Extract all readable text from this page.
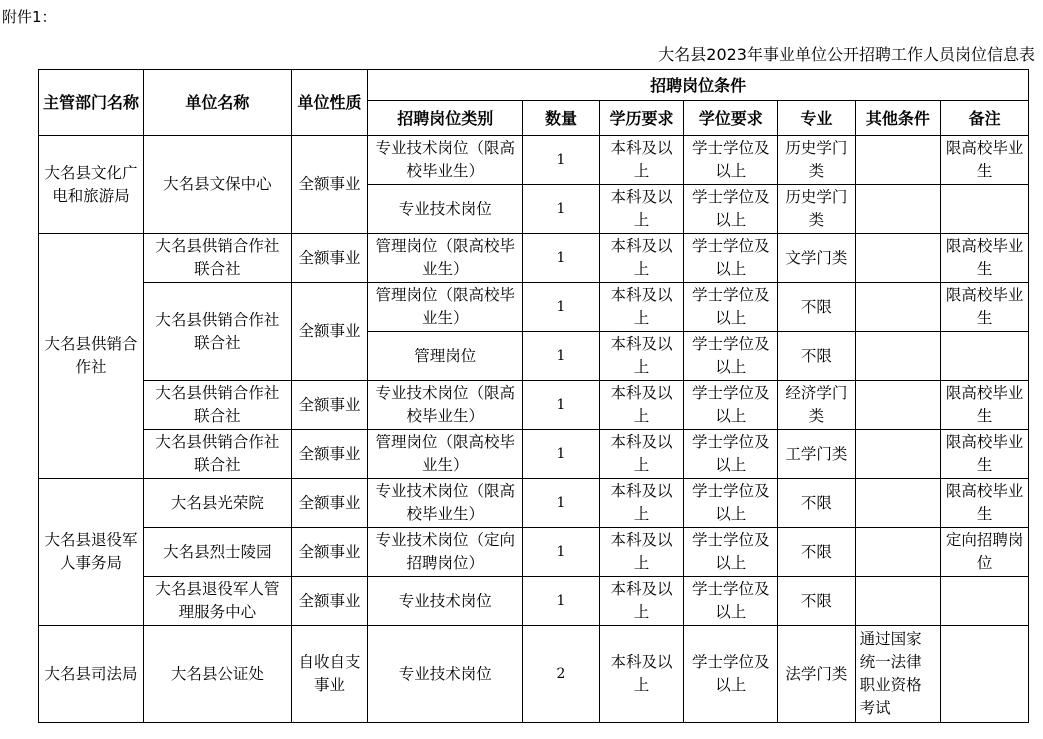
附件1：
大名县2023年事业单位公开招聘工作人员岗位信息表
主管部门名称	单位名称	单位性质	招聘岗位条件						
			招聘岗位类别	数量	学历要求	学位要求	专业	其他条件	备注
大名县文化广电和旅游局	大名县文保中心	全额事业	专业技术岗位（限高校毕业生）	1	本科及以上	学士学位及以上	历史学门类		限高校毕业生
			专业技术岗位	1	本科及以上	学士学位及以上	历史学门类		
大名县供销合作社	大名县供销合作社联合社	全额事业	管理岗位（限高校毕业生）	1	本科及以上	学士学位及以上	文学门类		限高校毕业生
	大名县供销合作社联合社	全额事业	管理岗位（限高校毕业生）	1	本科及以上	学士学位及以上	不限		限高校毕业生
			管理岗位	1	本科及以上	学士学位及以上	不限		
	大名县供销合作社联合社	全额事业	专业技术岗位（限高校毕业生）	1	本科及以上	学士学位及以上	经济学门类		限高校毕业生
	大名县供销合作社联合社	全额事业	管理岗位（限高校毕业生）	1	本科及以上	学士学位及以上	工学门类		限高校毕业生
大名县退役军人事务局	大名县光荣院	全额事业	专业技术岗位（限高校毕业生）	1	本科及以上	学士学位及以上	不限		限高校毕业生
	大名县烈士陵园	全额事业	专业技术岗位（定向招聘岗位）	1	本科及以上	学士学位及以上	不限		定向招聘岗位
	大名县退役军人管理服务中心	全额事业	专业技术岗位	1	本科及以上	学士学位及以上	不限		
大名县司法局	大名县公证处	自收自支事业	专业技术岗位	2	本科及以上	学士学位及以上	法学门类	通过国家统一法律职业资格考试	
